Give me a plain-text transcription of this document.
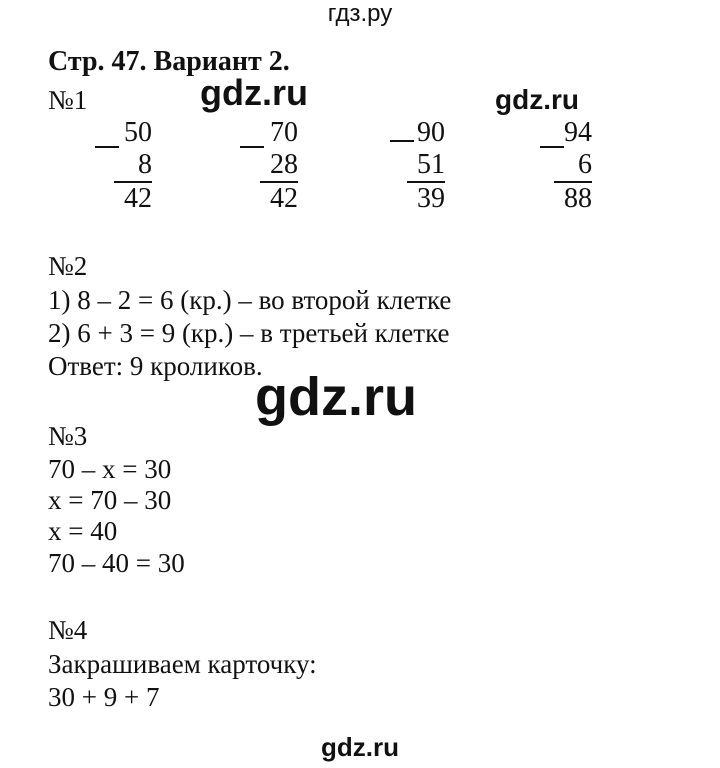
гдз.ру
Стр. 47. Вариант 2.
gdz.ru	gdz.ru
№1
50
8
42
70
28
42
90
51
39
94
6
88
№2
1) 8 – 2 = 6 (кр.) – во второй клетке
2) 6 + 3 = 9 (кр.) – в третьей клетке
Ответ: 9 кроликов.
gdz.ru
№3
70 – x = 30
x = 70 – 30
x = 40
70 – 40 = 30
№4
Закрашиваем карточку:
30 + 9 + 7
gdz.ru
